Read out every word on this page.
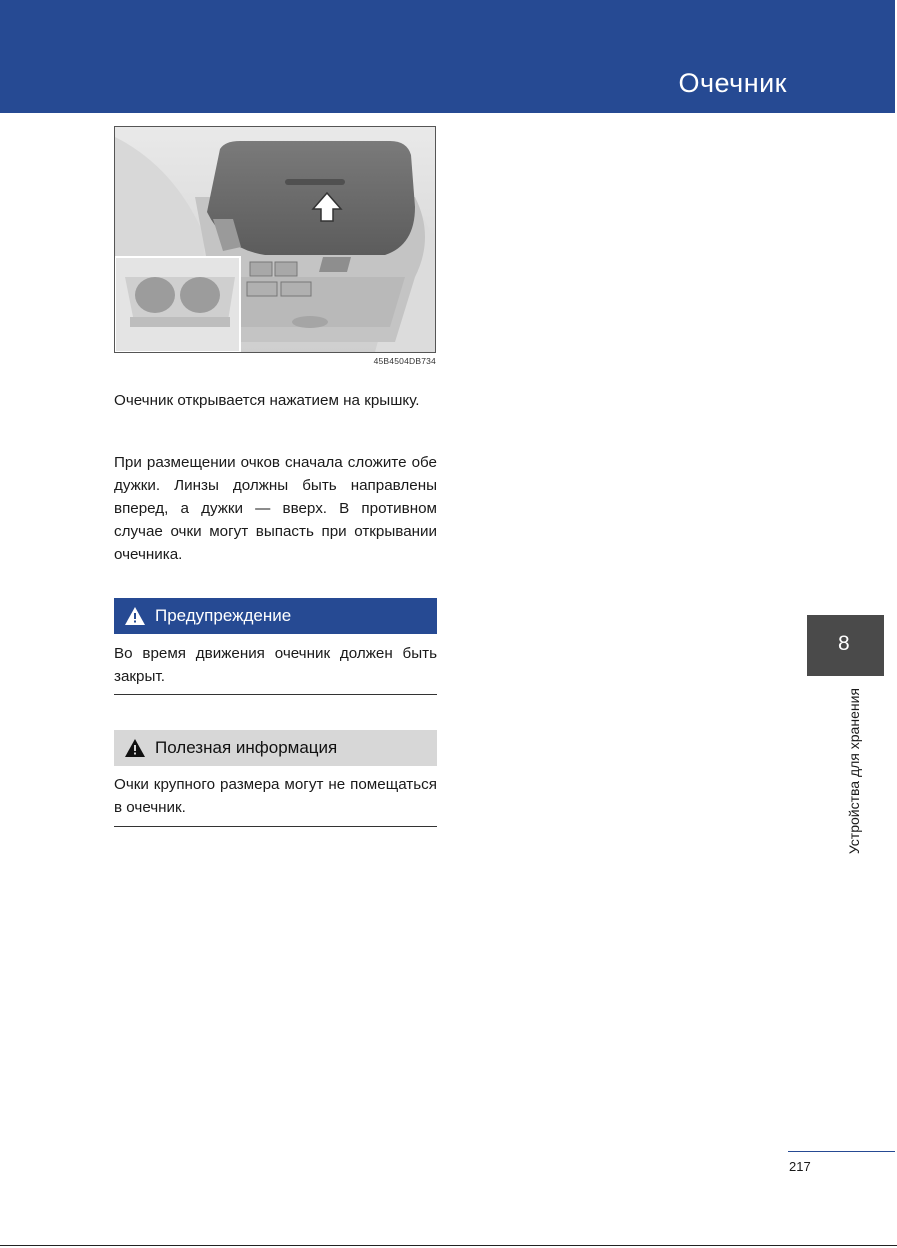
Очечник
45B4504DB734

Очечник открывается нажатием на крышку.

При размещении очков сначала сложите обе дужки. Линзы должны быть направлены вперед, а дужки — вверх. В противном случае очки могут выпасть при открывании очечника.

Предупреждение

Во время движения очечник должен быть закрыт.

Полезная информация

Очки крупного размера могут не помещаться в очечник.

8
Устройства для хранения
217
